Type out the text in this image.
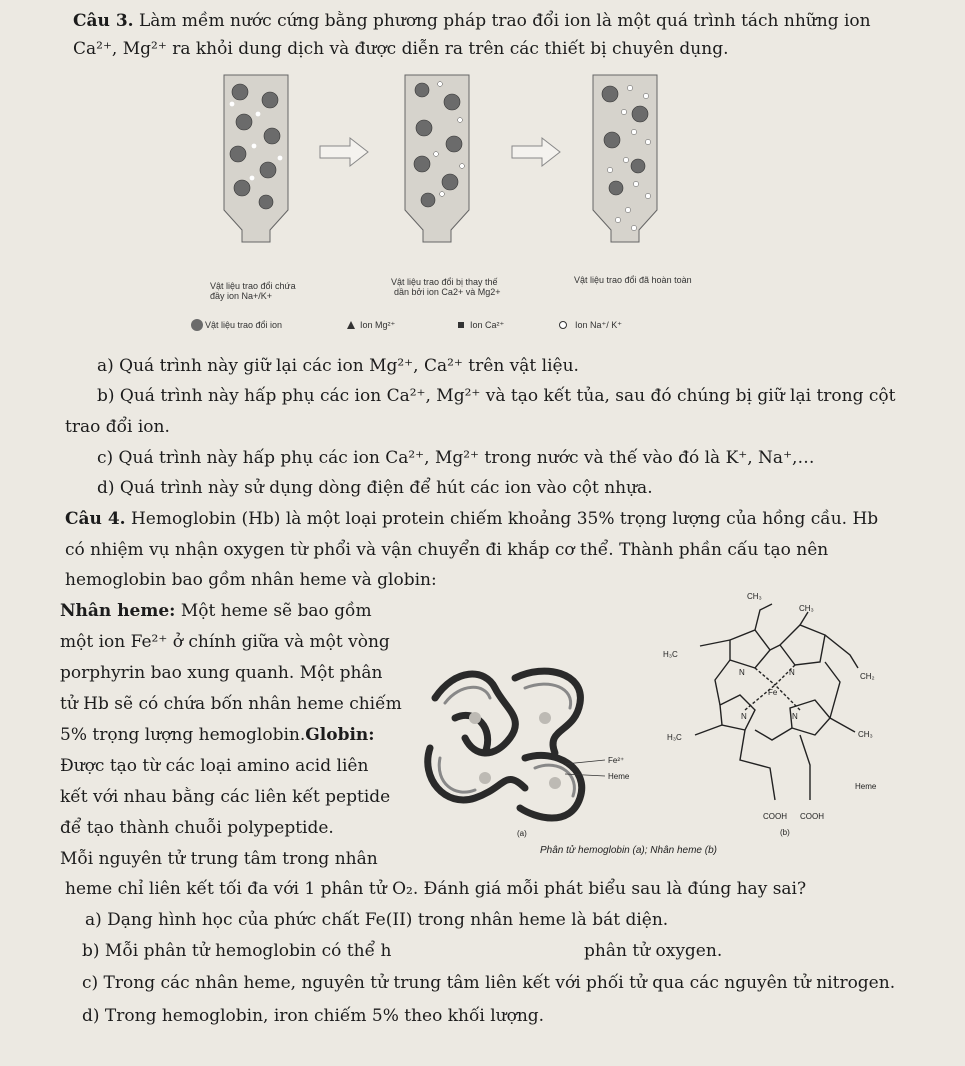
Câu 3. Làm mềm nước cứng bằng phương pháp trao đổi ion là một quá trình tách những ion
Ca²⁺, Mg²⁺ ra khỏi dung dịch và được diễn ra trên các thiết bị chuyên dụng.
Vật liệu trao đổi chứa
đầy ion Na+/K+
Vật liệu trao đổi bị thay thế
dần bởi ion Ca2+ và Mg2+
Vật liệu trao đổi đã hoàn toàn
Vật liệu trao đổi ion	Ion Mg²⁺	Ion Ca²⁺	Ion Na⁺/ K⁺
a) Quá trình này giữ lại các ion Mg²⁺, Ca²⁺ trên vật liệu.
b) Quá trình này hấp phụ các ion Ca²⁺, Mg²⁺ và tạo kết tủa, sau đó chúng bị giữ lại trong cột
trao đổi ion.
c) Quá trình này hấp phụ các ion Ca²⁺, Mg²⁺ trong nước và thế vào đó là K⁺, Na⁺,…
d) Quá trình này sử dụng dòng điện để hút các ion vào cột nhựa.
Câu 4. Hemoglobin (Hb) là một loại protein chiếm khoảng 35% trọng lượng của hồng cầu. Hb
có nhiệm vụ nhận oxygen từ phổi và vận chuyển đi khắp cơ thể. Thành phần cấu tạo nên
hemoglobin bao gồm nhân heme và globin:
Nhân heme: Một heme sẽ bao gồm
một ion Fe²⁺ ở chính giữa và một vòng
porphyrin bao xung quanh. Một phân
tử Hb sẽ có chứa bốn nhân heme chiếm
5% trọng lượng hemoglobin.Globin:
Được tạo từ các loại amino acid liên
kết với nhau bằng các liên kết peptide
để tạo thành chuỗi polypeptide.
Mỗi nguyên tử trung tâm trong nhân
heme chỉ liên kết tối đa với 1 phân tử O₂. Đánh giá mỗi phát biểu sau là đúng hay sai?
Fe²⁺
Heme
(a)
CH₃
CH₃
H₃C
CH₂
H₃C	CH₃
COOH COOH
N	N
N	N
Fe
Heme
(b)
Phân tử hemoglobin (a); Nhân heme (b)
a) Dạng hình học của phức chất Fe(II) trong nhân heme là bát diện.
b) Mỗi phân tử hemoglobin có thể h	phân tử oxygen.
c) Trong các nhân heme, nguyên tử trung tâm liên kết với phối tử qua các nguyên tử nitrogen.
d) Trong hemoglobin, iron chiếm 5% theo khối lượng.
